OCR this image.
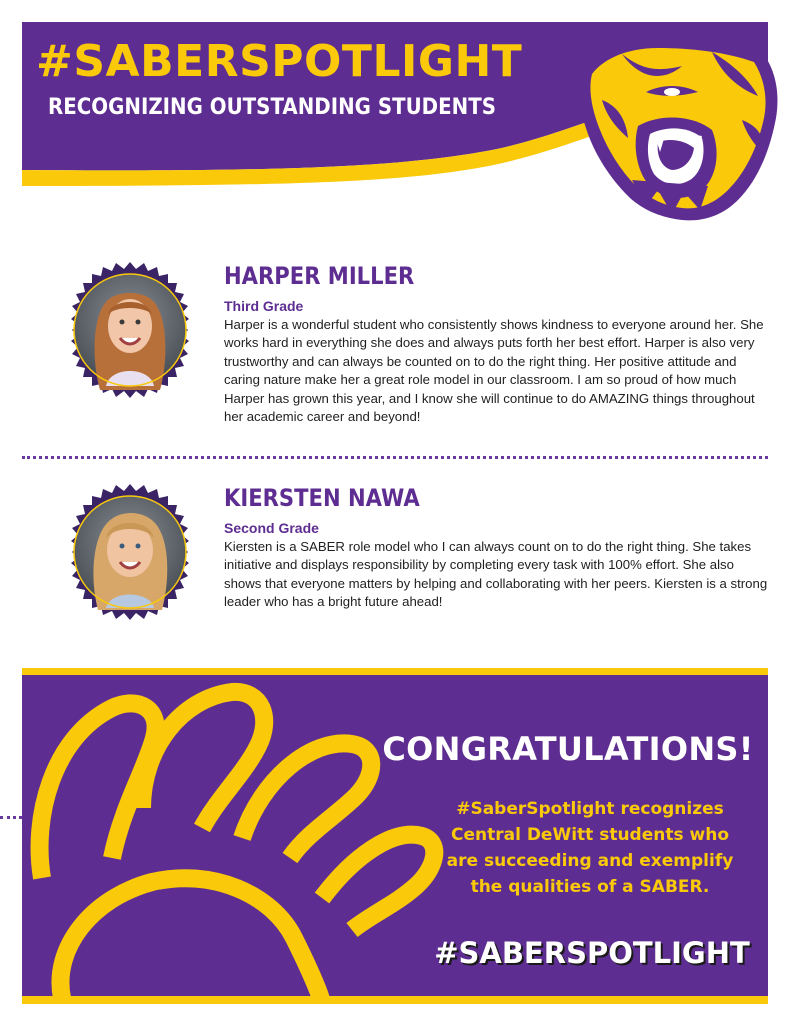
#SABERSPOTLIGHT
RECOGNIZING OUTSTANDING STUDENTS
HARPER MILLER
Third Grade
Harper is a wonderful student who consistently shows kindness to everyone around her. She works hard in everything she does and always puts forth her best effort. Harper is also very trustworthy and can always be counted on to do the right thing. Her positive attitude and caring nature make her a great role model in our classroom. I am so proud of how much Harper has grown this year, and I know she will continue to do AMAZING things throughout her academic career and beyond!
KIERSTEN NAWA
Second Grade
Kiersten is a SABER role model who I can always count on to do the right thing. She takes initiative and displays responsibility by completing every task with 100% effort. She also shows that everyone matters by helping and collaborating with her peers. Kiersten is a strong leader who has a bright future ahead!
CONGRATULATIONS!
#SaberSpotlight recognizes Central DeWitt students who are succeeding and exemplify the qualities of a SABER.
#SABERSPOTLIGHT
